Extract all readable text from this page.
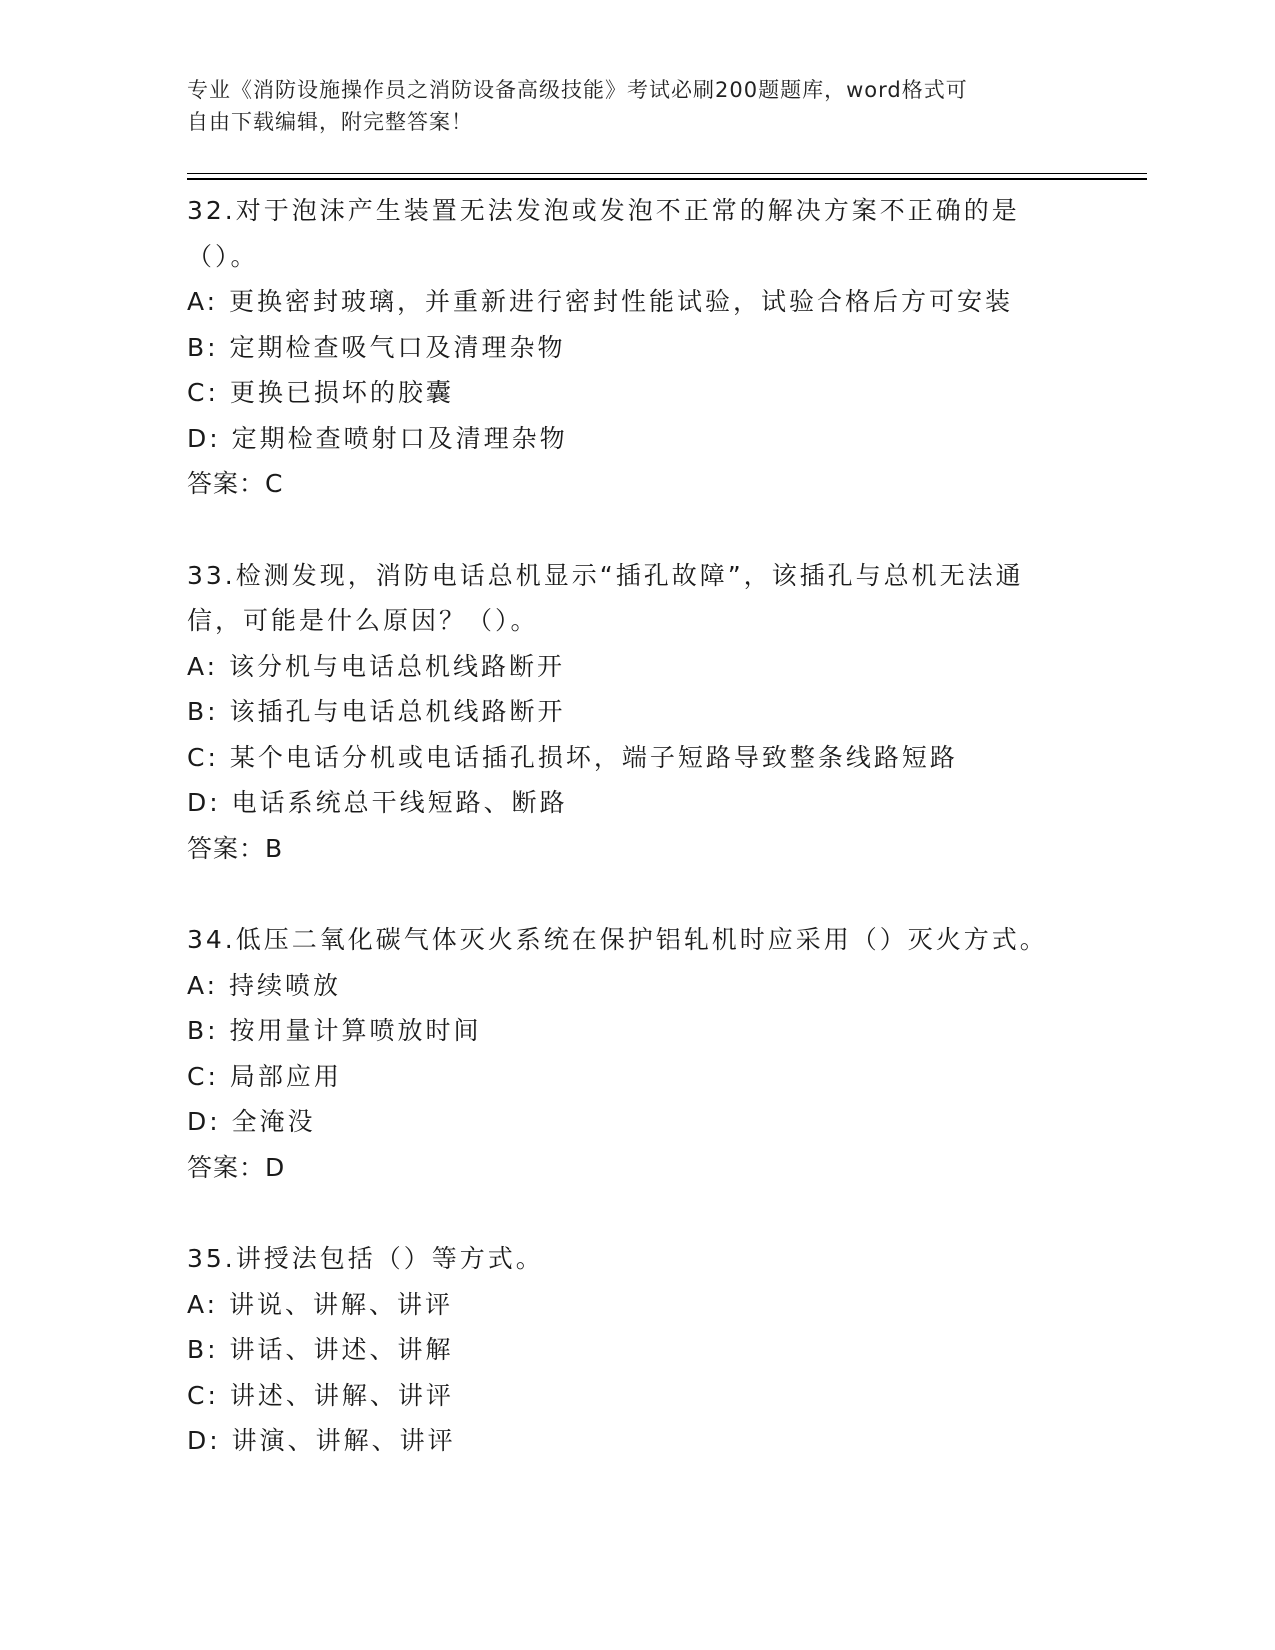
专业《消防设施操作员之消防设备高级技能》考试必刷200题题库，word格式可
自由下载编辑，附完整答案！
32.对于泡沫产生装置无法发泡或发泡不正常的解决方案不正确的是（）。
A: 更换密封玻璃，并重新进行密封性能试验，试验合格后方可安装
B: 定期检查吸气口及清理杂物
C: 更换已损坏的胶囊
D: 定期检查喷射口及清理杂物
答案：C
33.检测发现，消防电话总机显示“插孔故障”，该插孔与总机无法通信，可能是什么原因？（）。
A: 该分机与电话总机线路断开
B: 该插孔与电话总机线路断开
C: 某个电话分机或电话插孔损坏，端子短路导致整条线路短路
D: 电话系统总干线短路、断路
答案：B
34.低压二氧化碳气体灭火系统在保护铝轧机时应采用（）灭火方式。
A: 持续喷放
B: 按用量计算喷放时间
C: 局部应用
D: 全淹没
答案：D
35.讲授法包括（）等方式。
A: 讲说、讲解、讲评
B: 讲话、讲述、讲解
C: 讲述、讲解、讲评
D: 讲演、讲解、讲评
